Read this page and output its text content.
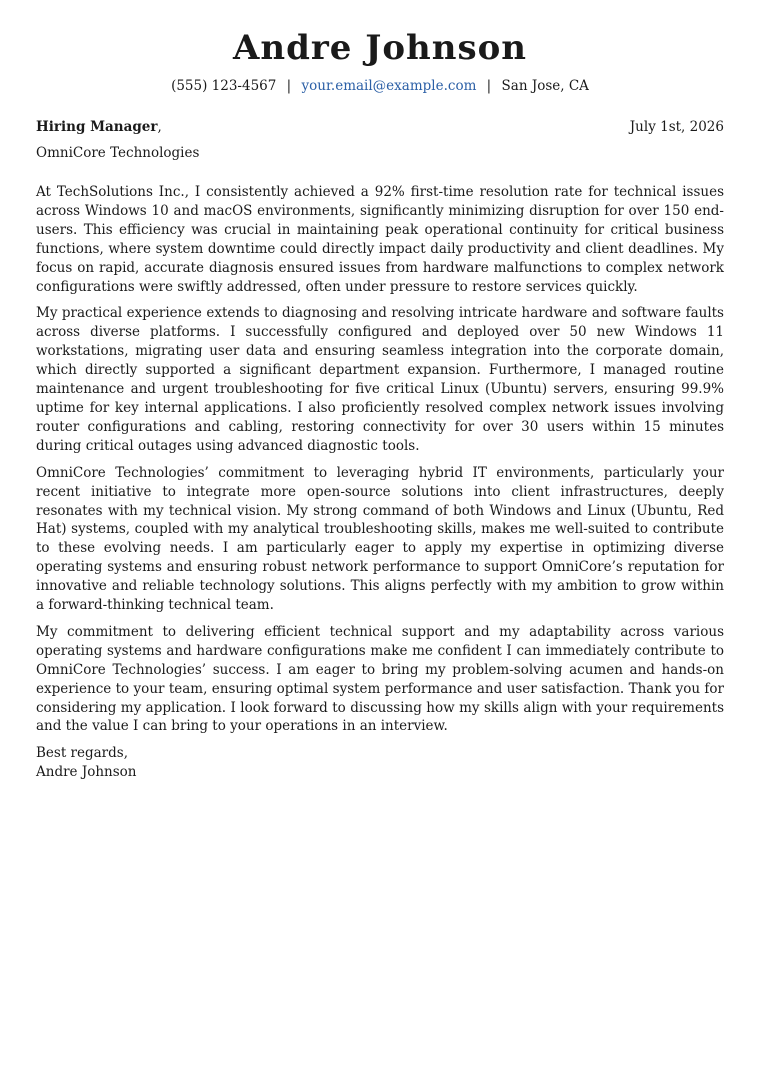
Andre Johnson
(555) 123-4567 | your.email@example.com | San Jose, CA
Hiring Manager,	July 1st, 2026
OmniCore Technologies

At TechSolutions Inc., I consistently achieved a 92% first-time resolution rate for technical issues across Windows 10 and macOS environments, significantly minimizing disruption for over 150 end-users. This efficiency was crucial in maintaining peak operational continuity for critical business functions, where system downtime could directly impact daily productivity and client deadlines. My focus on rapid, accurate diagnosis ensured issues from hardware malfunctions to complex network configurations were swiftly addressed, often under pressure to restore services quickly.

My practical experience extends to diagnosing and resolving intricate hardware and software faults across diverse platforms. I successfully configured and deployed over 50 new Windows 11 workstations, migrating user data and ensuring seamless integration into the corporate domain, which directly supported a significant department expansion. Furthermore, I managed routine maintenance and urgent troubleshooting for five critical Linux (Ubuntu) servers, ensuring 99.9% uptime for key internal applications. I also proficiently resolved complex network issues involving router configurations and cabling, restoring connectivity for over 30 users within 15 minutes during critical outages using advanced diagnostic tools.

OmniCore Technologies’ commitment to leveraging hybrid IT environments, particularly your recent initiative to integrate more open-source solutions into client infrastructures, deeply resonates with my technical vision. My strong command of both Windows and Linux (Ubuntu, Red Hat) systems, coupled with my analytical troubleshooting skills, makes me well-suited to contribute to these evolving needs. I am particularly eager to apply my expertise in optimizing diverse operating systems and ensuring robust network performance to support OmniCore’s reputation for innovative and reliable technology solutions. This aligns perfectly with my ambition to grow within a forward-thinking technical team.

My commitment to delivering efficient technical support and my adaptability across various operating systems and hardware configurations make me confident I can immediately contribute to OmniCore Technologies’ success. I am eager to bring my problem-solving acumen and hands-on experience to your team, ensuring optimal system performance and user satisfaction. Thank you for considering my application. I look forward to discussing how my skills align with your requirements and the value I can bring to your operations in an interview.

Best regards,
Andre Johnson
